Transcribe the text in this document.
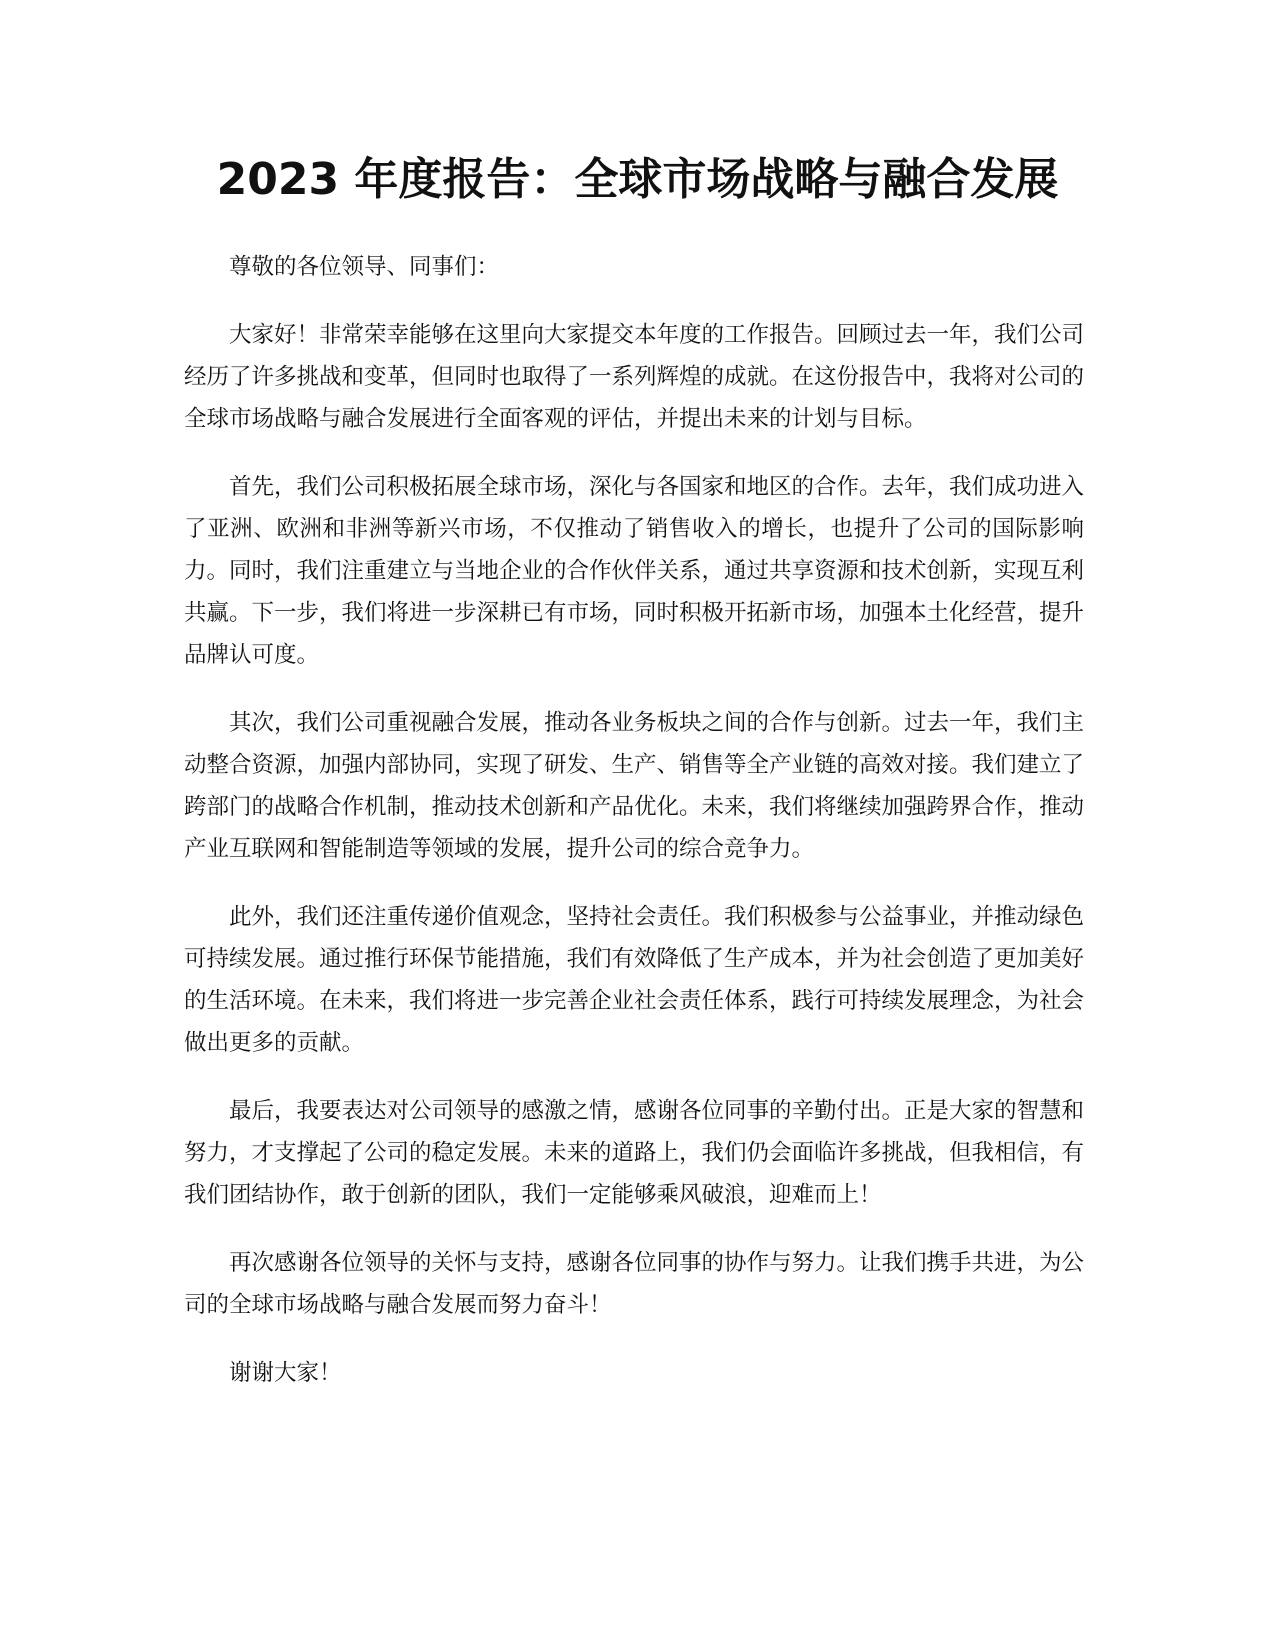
2023 年度报告：全球市场战略与融合发展

尊敬的各位领导、同事们：

大家好！非常荣幸能够在这里向大家提交本年度的工作报告。回顾过去一年，我们公司经历了许多挑战和变革，但同时也取得了一系列辉煌的成就。在这份报告中，我将对公司的全球市场战略与融合发展进行全面客观的评估，并提出未来的计划与目标。

首先，我们公司积极拓展全球市场，深化与各国家和地区的合作。去年，我们成功进入了亚洲、欧洲和非洲等新兴市场，不仅推动了销售收入的增长，也提升了公司的国际影响力。同时，我们注重建立与当地企业的合作伙伴关系，通过共享资源和技术创新，实现互利共赢。下一步，我们将进一步深耕已有市场，同时积极开拓新市场，加强本土化经营，提升品牌认可度。

其次，我们公司重视融合发展，推动各业务板块之间的合作与创新。过去一年，我们主动整合资源，加强内部协同，实现了研发、生产、销售等全产业链的高效对接。我们建立了跨部门的战略合作机制，推动技术创新和产品优化。未来，我们将继续加强跨界合作，推动产业互联网和智能制造等领域的发展，提升公司的综合竞争力。

此外，我们还注重传递价值观念，坚持社会责任。我们积极参与公益事业，并推动绿色可持续发展。通过推行环保节能措施，我们有效降低了生产成本，并为社会创造了更加美好的生活环境。在未来，我们将进一步完善企业社会责任体系，践行可持续发展理念，为社会做出更多的贡献。

最后，我要表达对公司领导的感激之情，感谢各位同事的辛勤付出。正是大家的智慧和努力，才支撑起了公司的稳定发展。未来的道路上，我们仍会面临许多挑战，但我相信，有我们团结协作，敢于创新的团队，我们一定能够乘风破浪，迎难而上！

再次感谢各位领导的关怀与支持，感谢各位同事的协作与努力。让我们携手共进，为公司的全球市场战略与融合发展而努力奋斗！

谢谢大家！
